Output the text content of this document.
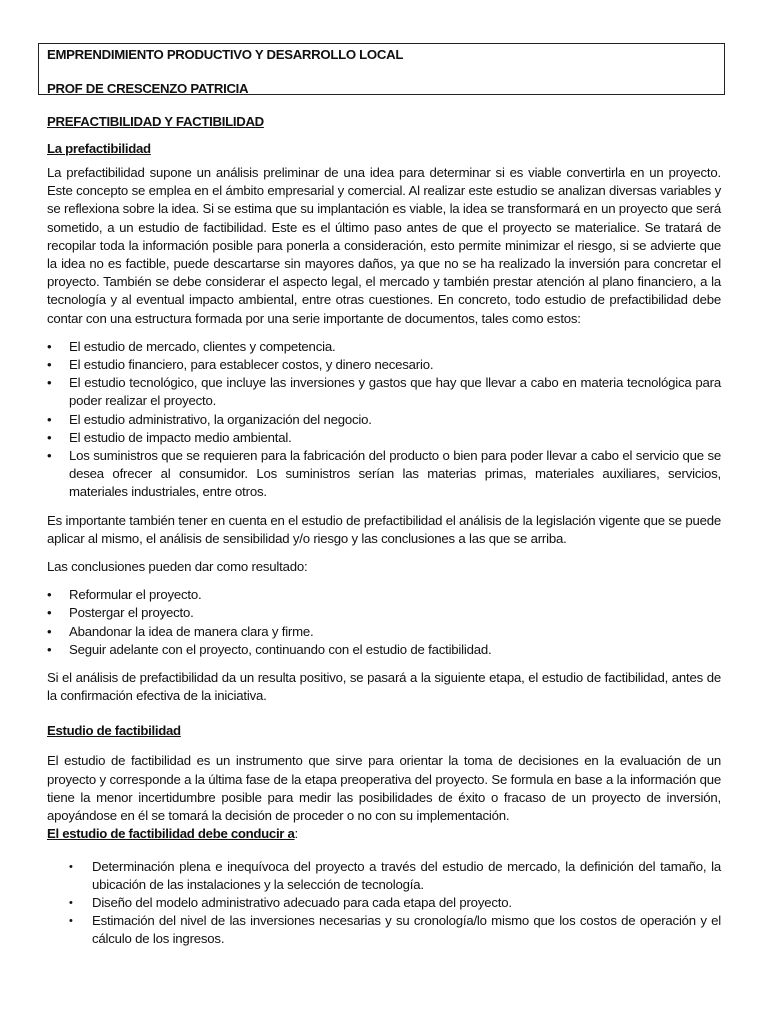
EMPRENDIMIENTO PRODUCTIVO Y DESARROLLO LOCAL
PROF DE CRESCENZO PATRICIA
PREFACTIBILIDAD Y FACTIBILIDAD
La prefactibilidad

La prefactibilidad supone un análisis preliminar de una idea para determinar si es viable convertirla en un proyecto. Este concepto se emplea en el ámbito empresarial y comercial. Al realizar este estudio se analizan diversas variables y se reflexiona sobre la idea. Si se estima que su implantación es viable, la idea se transformará en un proyecto que será sometido, a un estudio de factibilidad. Este es el último paso antes de que el proyecto se materialice. Se tratará de recopilar toda la información posible para ponerla a consideración, esto permite minimizar el riesgo, si se advierte que la idea no es factible, puede descartarse sin mayores daños, ya que no se ha realizado la inversión para concretar el proyecto. También se debe considerar el aspecto legal, el mercado y también prestar atención al plano financiero, a la tecnología y al eventual impacto ambiental, entre otras cuestiones. En concreto, todo estudio de prefactibilidad debe contar con una estructura formada por una serie importante de documentos, tales como estos:

•	El estudio de mercado, clientes y competencia.
•	El estudio financiero, para establecer costos, y dinero necesario.
•	El estudio tecnológico, que incluye las inversiones y gastos que hay que llevar a cabo en materia tecnológica para poder realizar el proyecto.
•	El estudio administrativo, la organización del negocio.
•	El estudio de impacto medio ambiental.
•	Los suministros que se requieren para la fabricación del producto o bien para poder llevar a cabo el servicio que se desea ofrecer al consumidor. Los suministros serían las materias primas, materiales auxiliares, servicios, materiales industriales, entre otros.

Es importante también tener en cuenta en el estudio de prefactibilidad el análisis de la legislación vigente que se puede aplicar al mismo, el análisis de sensibilidad y/o riesgo y las conclusiones a las que se arriba.

Las conclusiones pueden dar como resultado:

•	Reformular el proyecto.
•	Postergar el proyecto.
•	Abandonar la idea de manera clara y firme.
•	Seguir adelante con el proyecto, continuando con el estudio de factibilidad.

Si el análisis de prefactibilidad da un resulta positivo, se pasará a la siguiente etapa, el estudio de factibilidad, antes de la confirmación efectiva de la iniciativa.

Estudio de factibilidad

El estudio de factibilidad es un instrumento que sirve para orientar la toma de decisiones en la evaluación de un proyecto y corresponde a la última fase de la etapa preoperativa del proyecto. Se formula en base a la información que tiene la menor incertidumbre posible para medir las posibilidades de éxito o fracaso de un proyecto de inversión, apoyándose en él se tomará la decisión de proceder o no con su implementación.

El estudio de factibilidad debe conducir a:

•	Determinación plena e inequívoca del proyecto a través del estudio de mercado, la definición del tamaño, la ubicación de las instalaciones y la selección de tecnología.
•	Diseño del modelo administrativo adecuado para cada etapa del proyecto.
•	Estimación del nivel de las inversiones necesarias y su cronología/lo mismo que los costos de operación y el cálculo de los ingresos.
